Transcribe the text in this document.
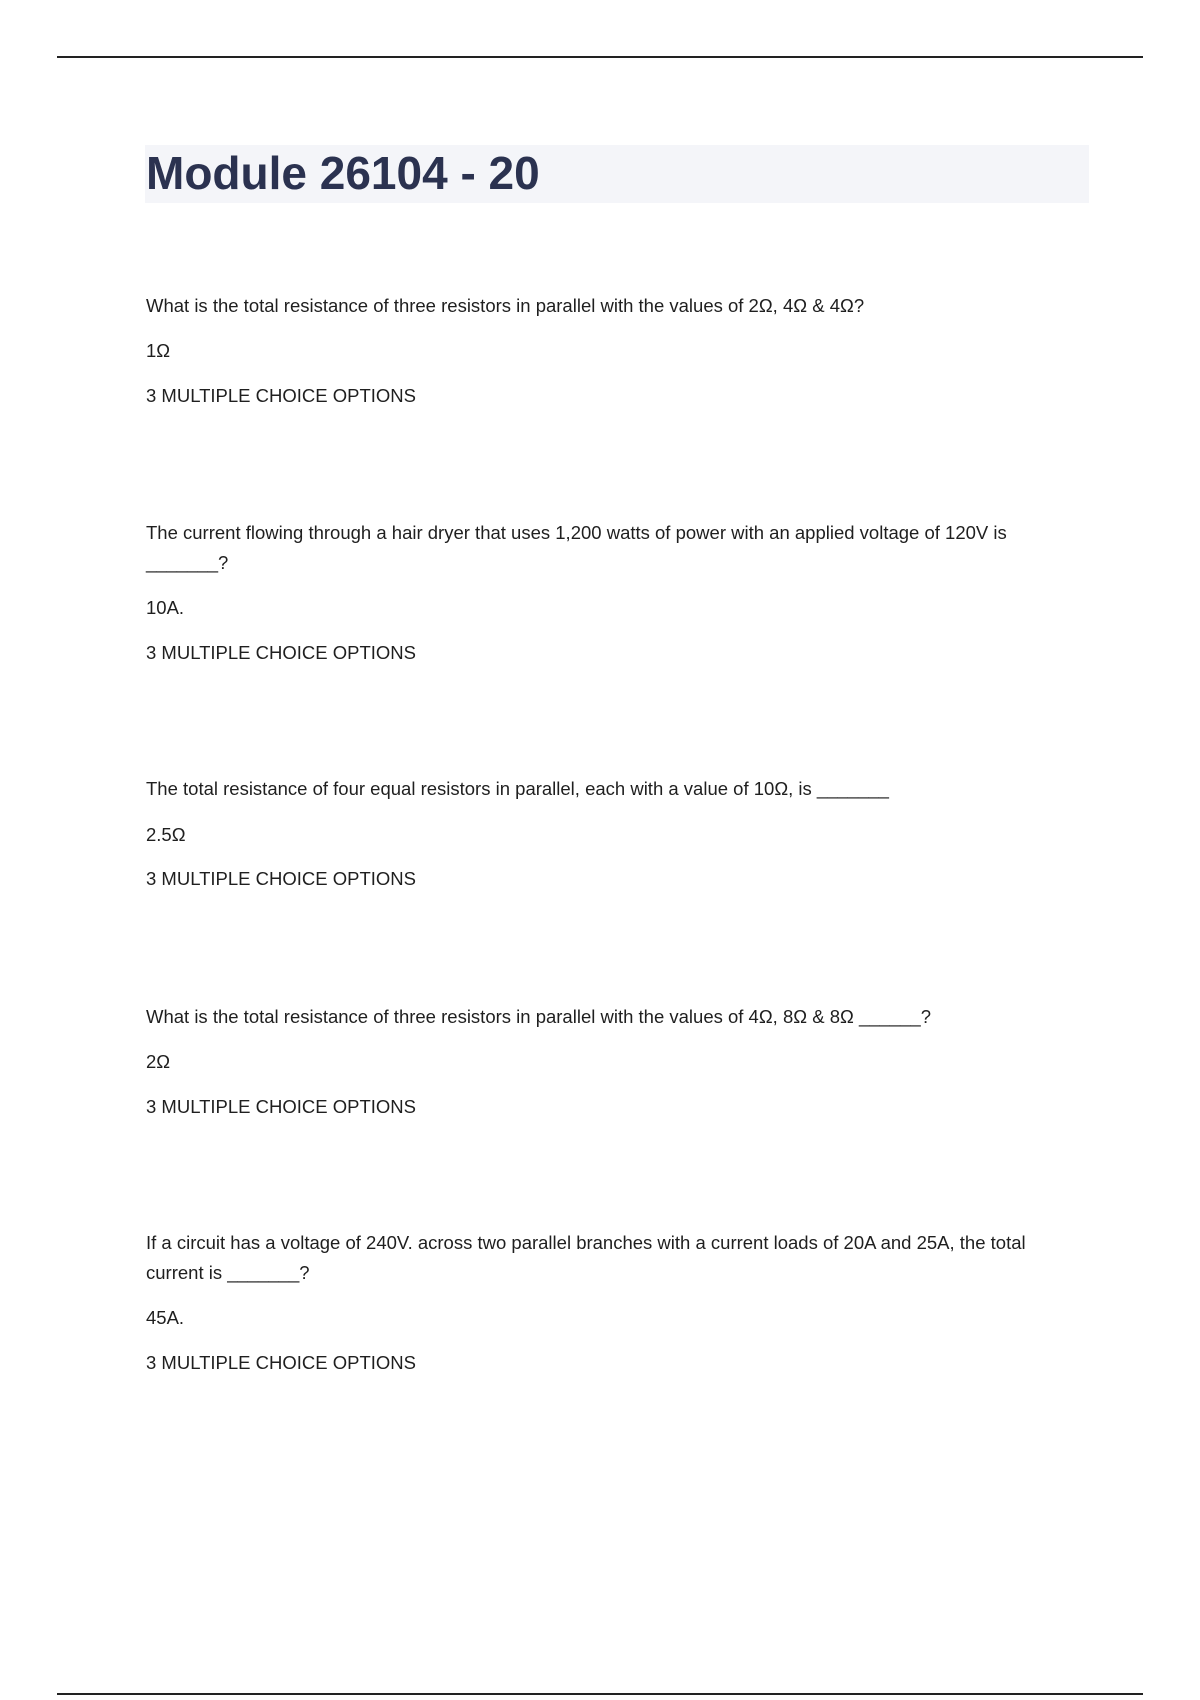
Module 26104 - 20

What is the total resistance of three resistors in parallel with the values of 2Ω, 4Ω & 4Ω?

1Ω

3 MULTIPLE CHOICE OPTIONS

The current flowing through a hair dryer that uses 1,200 watts of power with an applied voltage of 120V is _______?

10A.

3 MULTIPLE CHOICE OPTIONS

The total resistance of four equal resistors in parallel, each with a value of 10Ω, is _______

2.5Ω

3 MULTIPLE CHOICE OPTIONS

What is the total resistance of three resistors in parallel with the values of 4Ω, 8Ω & 8Ω ______?

2Ω

3 MULTIPLE CHOICE OPTIONS

If a circuit has a voltage of 240V. across two parallel branches with a current loads of 20A and 25A, the total current is _______?

45A.

3 MULTIPLE CHOICE OPTIONS
